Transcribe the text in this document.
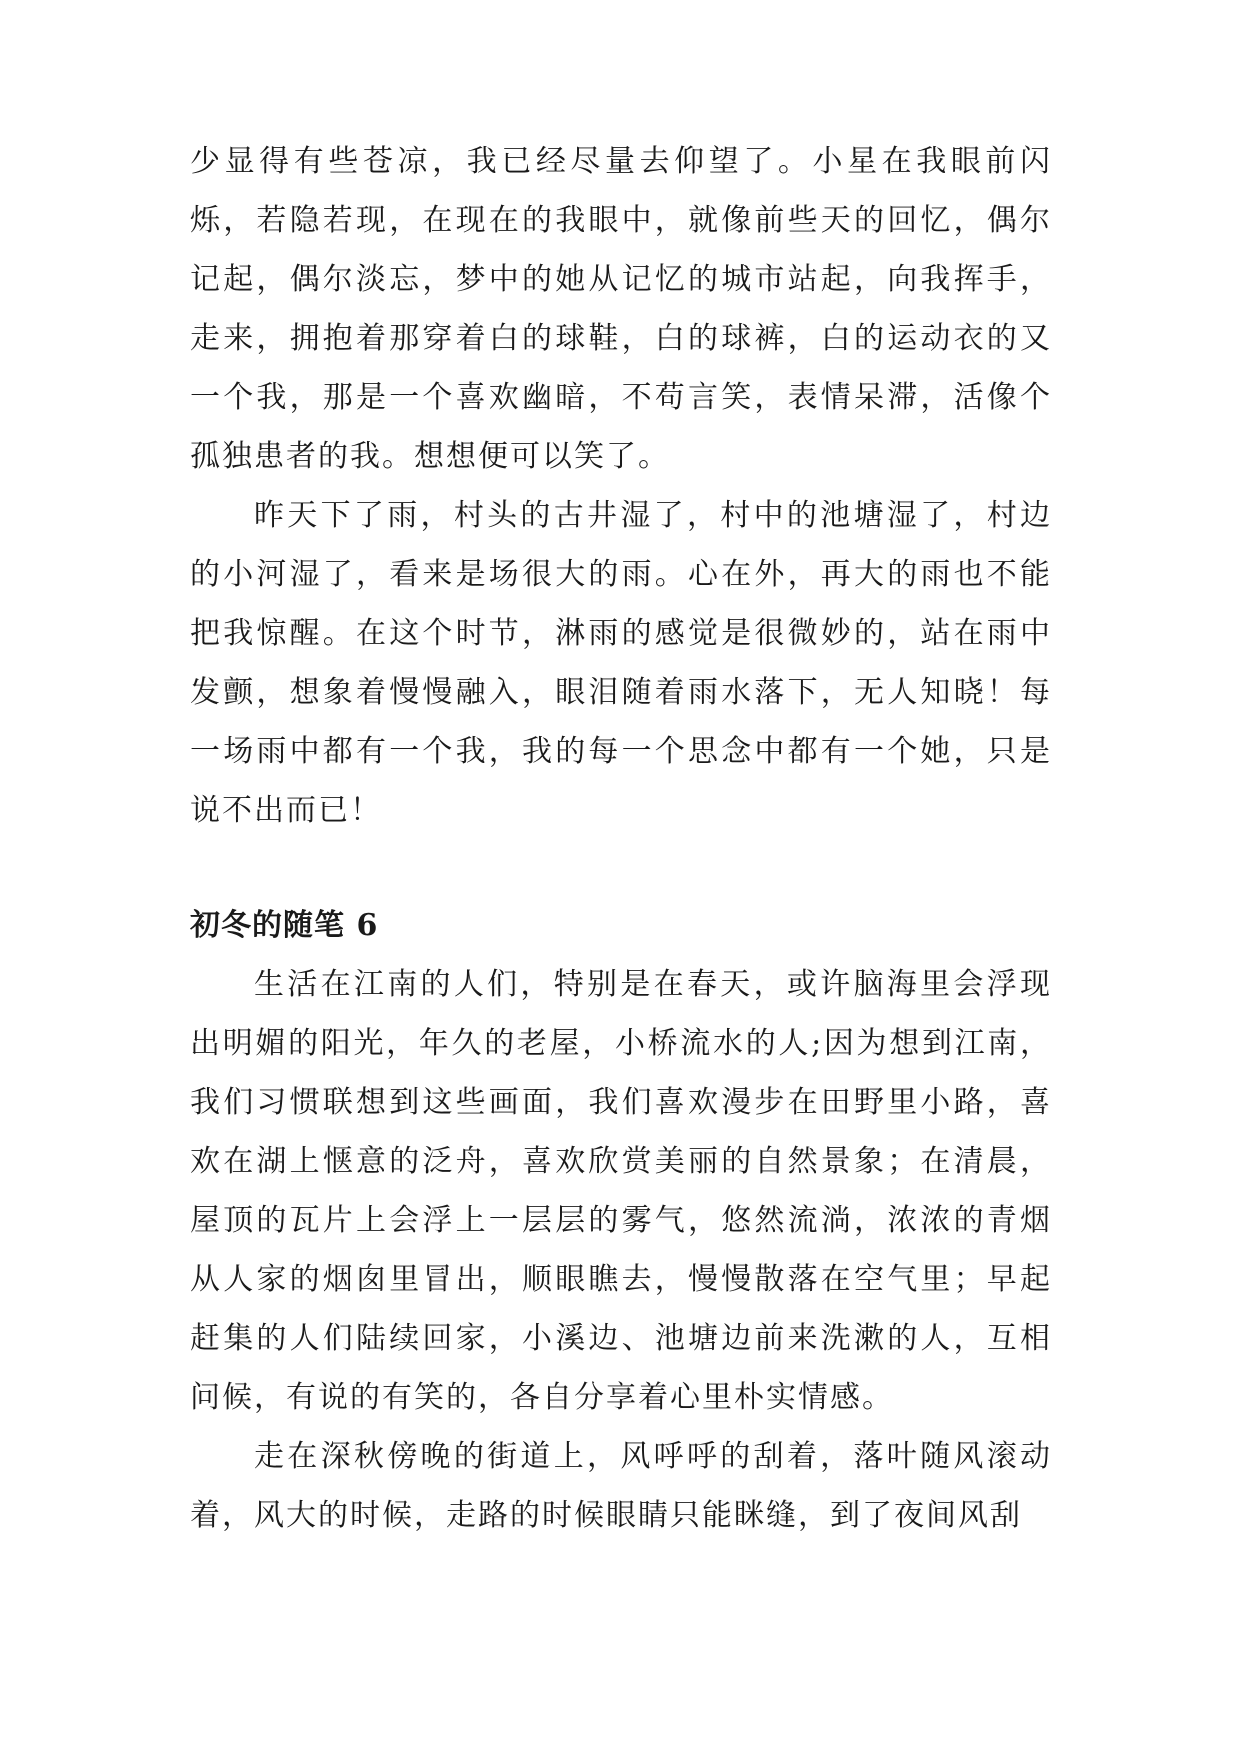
少显得有些苍凉，我已经尽量去仰望了。小星在我眼前闪烁，若隐若现，在现在的我眼中，就像前些天的回忆，偶尔记起，偶尔淡忘，梦中的她从记忆的城市站起，向我挥手，走来，拥抱着那穿着白的球鞋，白的球裤，白的运动衣的又一个我，那是一个喜欢幽暗，不苟言笑，表情呆滞，活像个孤独患者的我。想想便可以笑了。

昨天下了雨，村头的古井湿了，村中的池塘湿了，村边的小河湿了，看来是场很大的雨。心在外，再大的雨也不能把我惊醒。在这个时节，淋雨的感觉是很微妙的，站在雨中发颤，想象着慢慢融入，眼泪随着雨水落下，无人知晓！每一场雨中都有一个我，我的每一个思念中都有一个她，只是说不出而已！

初冬的随笔 6

生活在江南的人们，特别是在春天，或许脑海里会浮现出明媚的阳光，年久的老屋，小桥流水的人;因为想到江南，我们习惯联想到这些画面，我们喜欢漫步在田野里小路，喜欢在湖上惬意的泛舟，喜欢欣赏美丽的自然景象；在清晨，屋顶的瓦片上会浮上一层层的雾气，悠然流淌，浓浓的青烟从人家的烟囱里冒出，顺眼瞧去，慢慢散落在空气里；早起赶集的人们陆续回家，小溪边、池塘边前来洗漱的人，互相问候，有说的有笑的，各自分享着心里朴实情感。

走在深秋傍晚的街道上，风呼呼的刮着，落叶随风滚动着，风大的时候，走路的时候眼睛只能眯缝，到了夜间风刮
